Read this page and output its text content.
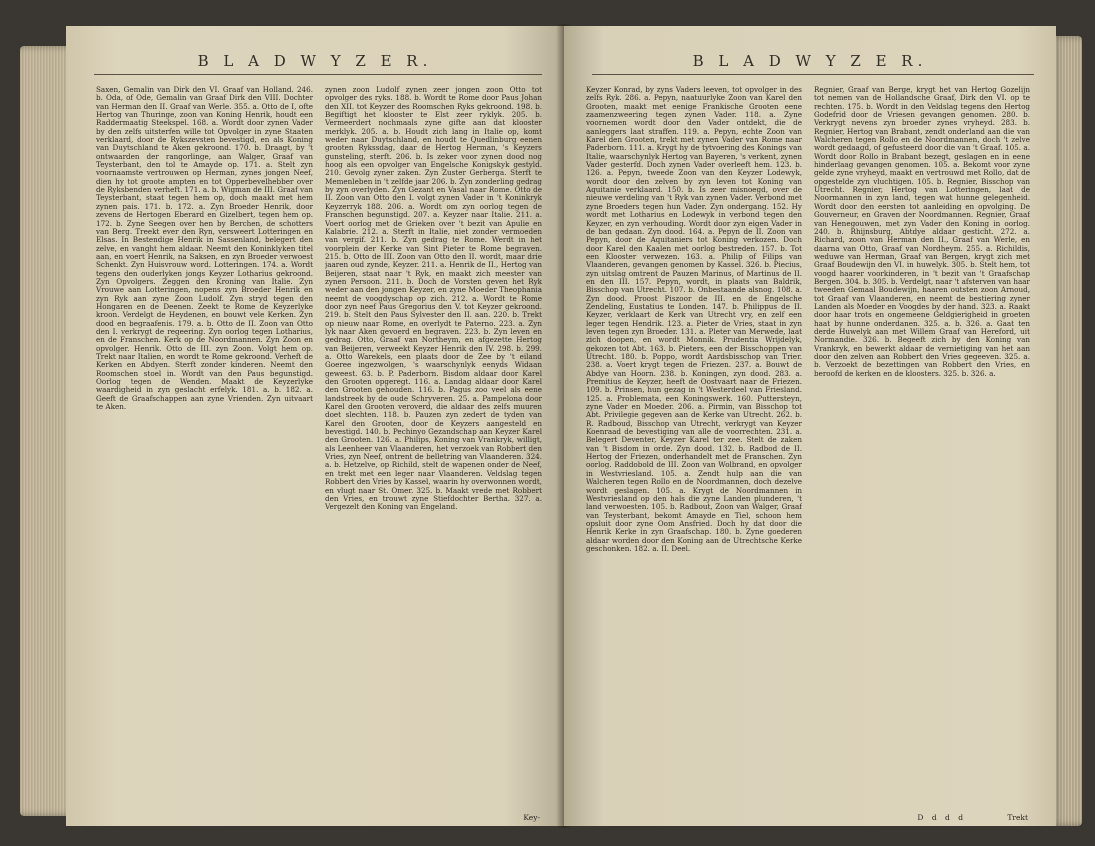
B L A D W Y Z E R.

Saxen, Gemalin van Dirk den VI. Graaf van Holland. 246. b. Oda, of Ode, Gemalin van Graaf Dirk den VIII. Dochter van Herman den II. Graaf van Werle. 355. a. Otto de I, ofte Hertog van Thuringe, zoon van Koning Henrik, houdt een Raddermaatig Steekspel. 168. a. Wordt door zynen Vader by den zelfs uitsterfen wille tot Opvolger in zyne Staaten verklaard, door de Rykszevsten bevestigd, en als Koning van Duytschland te Aken gekroond. 170. b. Draagt, by 't ontwaarden der rangorlinge, aan Walger, Graaf van Teysterbant, den tol te Amayde op. 171. a. Stelt zyn voornaamste vertrouwen op Herman, zynes jongen Neef, dien hy tot groote ampten en tot Opperbevelhebber over de Ryksbenden verheft. 171. a. b. Wigman de III. Graaf van Teysterbant, staat tegen hem op, doch maakt met hem zynen pais. 171. b. 172. a. Zyn Broeder Henrik, door zevens de Hertogen Eberard en Gizelbert, tegen hem op. 172. b. Zyne Seegen over hen by Berchen, de schotters van Berg. Treekt ever den Ryn, versweert Lotteringen en Elsas. In Bestendige Henrik in Sassenland, belegert den zelve, en vanght hem aldaar. Neemt den Koninklyken titel aan, en voert Henrik, na Saksen, en zyn Broeder verwoest Schenkt. Zyn Huisvrouw word. Lotteringen. 174. a. Wordt tegens den ouderlyken jongs Keyzer Lotharius gekroond. Zyn Opvolgers. Zeggen den Kroning van Italie. Zyn Vrouwe aan Lotteringen, nopens zyn Broeder Henrik en zyn Ryk aan zyne Zoon Ludolf. Zyn stryd tegen den Hongaren en de Deenen. Zeekt te Rome de Keyzerlyke kroon. Verdelgt de Heydenen, en bouwt vele Kerken. Zyn dood en begraafenis. 179. a. b. Otto de II. Zoon van Otto den I. verkrygt de regeering. Zyn oorlog tegen Lotharius, en de Franschen. Kerk op de Noordmannen. Zyn Zoon en opvolger. Henrik. Otto de III. zyn Zoon. Volgt hem op. Trekt naar Italien, en wordt te Rome gekroond. Verheft de Kerken en Abdyen. Sterft zonder kinderen. Neemt den Roomschen stoel in. Wordt van den Paus begunstigd. Oorlog tegen de Wenden. Maakt de Keyzerlyke waardigheid in zyn geslacht erfelyk. 181. a. b. 182. a. Geeft de Graafschappen aan zyne Vrienden. Zyn uitvaart te Aken.

zynen zoon Ludolf zynen zeer jongen zoon Otto tot opvolger des ryks. 188. b. Wordt te Rome door Paus Johan den XII. tot Keyzer des Roomschen Ryks gekroond. 198. b. Begiftigt het klooster te Elst zeer ryklyk. 205. b. Vermeerdert nochmaals zyne gifte aan dat klooster merklyk. 205. a. b. Houdt zich lang in Italie op, komt weder naar Duytschland, en houdt te Quedlinburg eenen grooten Rykssdag, daar de Hertog Herman, 's Keyzers gunsteling, sterft. 206. b. Is zeker voor zynen dood nog hoog als een opvolger van Engelsche Konigskyk gestyld. 210. Gevolg zyner zaken. Zyn Zuster Gerberga. Sterft te Memenleben in 't zelfde jaar 206. b. Zyn zonderling gedrag by zyn overlyden. Zyn Gezant en Vasal naar Rome. Otto de II. Zoon van Otto den I. volgt zynen Vader in 't Koninkryk Keyzerryk 188. 206. a. Wordt om zyn oorlog tegen de Franschen begunstigd. 207. a. Keyzer naar Italie. 211. a. Voert oorlog met de Grieken over 't bezit van Apulie en Kalabrie. 212. a. Sterft in Italie, niet zonder vermoeden van vergif. 211. b. Zyn gedrag te Rome. Werdt in het voorplein der Kerke van Sint Pieter te Rome begraven. 215. b. Otto de III. Zoon van Otto den II. wordt, maar drie jaaren oud zynde, Keyzer. 211. a. Henrik de II., Hertog van Beijeren, staat naar 't Ryk, en maakt zich meester van zynen Persoon. 211. b. Doch de Vorsten geven het Ryk weder aan den jongen Keyzer, en zyne Moeder Theophania neemt de voogdyschap op zich. 212. a. Wordt te Rome door zyn neef Paus Gregorius den V. tot Keyzer gekroond. 219. b. Stelt den Paus Sylvester den II. aan. 220. b. Trekt op nieuw naar Rome, en overlydt te Paterno. 223. a. Zyn lyk naar Aken gevoerd en begraven. 223. b. Zyn leven en gedrag. Otto, Graaf van Northeym, en afgezette Hertog van Beijeren, verweekt Keyzer Henrik den IV. 298. b. 299. a. Otto Warekels, een plaats door de Zee by 't eiland Goeree ingezwolgen, 's waarschynlyk eenyds Widaan geweest. 63. b. P. Paderborn. Bisdom aldaar door Karel den Grooten opgeregt. 116. a. Landag aldaar door Karel den Grooten gehouden. 116. b. Pagus zoo veel als eene landstreek by de oude Schryveren. 25. a. Pampelona door Karel den Grooten veroverd, die aldaar des zelfs muuren doet slechten. 118. b. Pauzen zyn zedert de tyden van Karel den Grooten, door de Keyzers aangesteld en bevestigd. 140. b. Pechinyo Gezandschap aan Keyzer Karel den Grooten. 126. a. Philips, Koning van Vrankryk, willigt, als Leenheer van Vlaanderen, het verzoek van Robbert den Vries, zyn Neef, ontrent de belletring van Vlaanderen. 324. a. b. Hetzelve, op Richild, stelt de wapenen onder de Neef, en trekt met een leger naar Vlaanderen. Veldslag tegen Robbert den Vries by Kassel, waarin hy overwonnen wordt, en vlugt naar St. Omer. 325. b. Maakt vrede met Robbert den Vries, en trouwt zyne Stiefdochter Bertha. 327. a. Vergezelt den Koning van Engeland.

Key-
B L A D W Y Z E R.

Keyzer Konrad, by zyns Vaders leeven, tot opvolger in des zelfs Ryk. 286. a. Pepyn, naatuurlyke Zoon van Karel den Grooten, maakt met eenige Frankische Grooten eene zaamenzweering tegen zynen Vader. 118. a. Zyne voornemen wordt door den Vader ontdekt, die de aanleggers laat straffen. 119. a. Pepyn, echte Zoon van Karel den Grooten, trekt met zynen Vader van Rome naar Paderborn. 111. a. Krygt hy de tytvoering des Konings van Italie, waarschynlyk Hertog van Bayeren, 's verkent, zynen Vader gesterfd. Doch zynen Vader overleeft hem. 123. b. 126. a. Pepyn, tweede Zoon van den Keyzer Lodewyk, wordt door den zelven by zyn leven tot Koning van Aquitanie verklaard. 150. b. Is zeer misnoegd, over de nieuwe verdeling van 't Ryk van zynen Vader. Verbond met zyne Broeders tegen hun Vader. Zyn ondergang. 152. Hy wordt met Lotharius en Lodewyk in verbond tegen den Keyzer, en zyn verhouding. Wordt door zyn eigen Vader in de ban gedaan. Zyn dood. 164. a. Pepyn de II. Zoon van Pepyn, door de Aquitaniers tot Koning verkozen. Doch door Karel den Kaalen met oorlog bestreden. 157. b. Tot een Klooster verwezen. 163. a. Philip of Filips van Vlaanderen, gevangen genomen by Kassel. 326. b. Piecius, zyn uitslag omtrent de Pauzen Marinus, of Martinus de II. en den III. 157. Pepyn, wordt, in plaats van Baldrik, Bisschop van Utrecht. 107. b. Onbestaande alsnog. 108. a. Zyn dood. Proost Piszoor de III. en de Engelsche Zendeling, Eustatius te Londen. 147. b. Philippus de II. Keyzer, verklaart de Kerk van Utrecht vry, en zelf een leger tegen Hendrik. 123. a. Pieter de Vries, staat in zyn leven tegen zyn Broeder. 131. a. Pleter van Merwede, laat zich doopen, en wordt Monnik. Prudentia Wrijdelyk, gekozen tot Abt. 163. b. Pieters, een der Bisschoppen van Utrecht. 180. b. Poppo, wordt Aardsbisschop van Trier. 238. a. Voert krygt tegen de Friezen. 237. a. Bouwt de Abdye van Hoorn. 238. b. Koningen, zyn dood. 283. a. Premitius de Keyzer, heeft de Oostvaart naar de Friezen. 109. b. Prinsen, hun gezag in 't Westerdeel van Friesland. 125. a. Problemata, een Koningswerk. 160. Puttersteyn, zyne Vader en Moeder. 206. a. Pirmin, van Bisschop tot Abt. Privilegie gegeven aan de Kerke van Utrecht. 262. b. R. Radboud, Bisschop van Utrecht, verkrygt van Keyzer Koenraad de bevestiging van alle de voorrechten. 231. a. Belegert Deventer, Keyzer Karel ter zee. Stelt de zaken van 't Bisdom in orde. Zyn dood. 132. b. Radbod de II. Hertog der Friezen, onderhandelt met de Franschen. Zyn oorlog. Raddobold de III. Zoon van Wolbrand, en opvolger in Westvriesland. 105. a. Zendt hulp aan die van Walcheren tegen Rollo en de Noordmannen, doch dezelve wordt geslagen. 105. a. Krygt de Noordmannen in Westvriesland op den hals die zyne Landen plunderen, 't land verwoesten. 105. b. Radbout, Zoon van Walger, Graaf van Teysterbant, bekomt Amayde en Tiel, schoon hem opsluit door zyne Oom Ansfried. Doch hy dat door die Henrik Kerke in zyn Graafschap. 180. b. Zyne goederen aldaar worden door den Koning aan de Utrechtsche Kerke geschonken. 182. a. II. Deel.

Regnier, Graaf van Berge, krygt het van Hertog Gozelijn tot nemen van de Hollandsche Graaf, Dirk den VI. op te rechten. 175. b. Wordt in den Veldslag tegens den Hertog Godefrid door de Vriesen gevangen genomen. 280. b. Verkrygt nevens zyn broeder zynes vryheyd. 283. b. Regnier, Hertog van Brabant, zendt onderland aan die van Walcheren tegen Rollo en de Noordmannen, doch 't zelve wordt gedaagd, of gefusteerd door die van 't Graaf. 105. a. Wordt door Rollo in Brabant bezegt, geslagen en in eene hinderlaag gevangen genomen. 105. a. Bekomt voor zyne gelde zyne vryheyd, maakt en vertrouwd met Rollo, dat de opgestelde zyn vluchtigen. 105. b. Regnier, Bisschop van Utrecht. Regnier, Hertog van Lotteringen, laat de Noormannen in zyn land, tegen wat hunne gelegenheid. Wordt door den eersten tot aanleiding en opvolging. De Gouverneur, en Graven der Noordmannen. Regnier, Graaf van Henegouwen, met zyn Vader den Koning in oorlog. 240. b. Rhijnsburg, Abtdye aldaar gesticht. 272. a. Richard, zoon van Herman den II., Graaf van Werle, en daarna van Otto, Graaf van Nordheym. 255. a. Richildis, weduwe van Herman, Graaf van Bergen, krygt zich met Graaf Boudewijn den VI. in huwelyk. 305. b. Stelt hem, tot voogd haarer voorkinderen, in 't bezit van 't Graafschap Bergen. 304. b. 305. b. Verdelgt, naar 't afsterven van haar tweeden Gemaal Boudewijn, haaren outsten zoon Arnoud, tot Graaf van Vlaanderen, en neemt de bestiering zyner Landen als Moeder en Voogdes by der hand. 323. a. Raakt door haar trots en ongemeene Geldgierigheid in groeten haat by hunne onderdanen. 325. a. b. 326. a. Gaat ten derde Huwelyk aan met Willem Graaf van Hereford, uit Normandie. 326. b. Begeeft zich by den Koning van Vrankryk, en bewerkt aldaar de vernietiging van het aan door den zelven aan Robbert den Vries gegeeven. 325. a. b. Verzoekt de bezettingen van Robbert den Vries, en beroofd de kerken en de kloosters. 325. b. 326. a.

D d d d	Trekt
